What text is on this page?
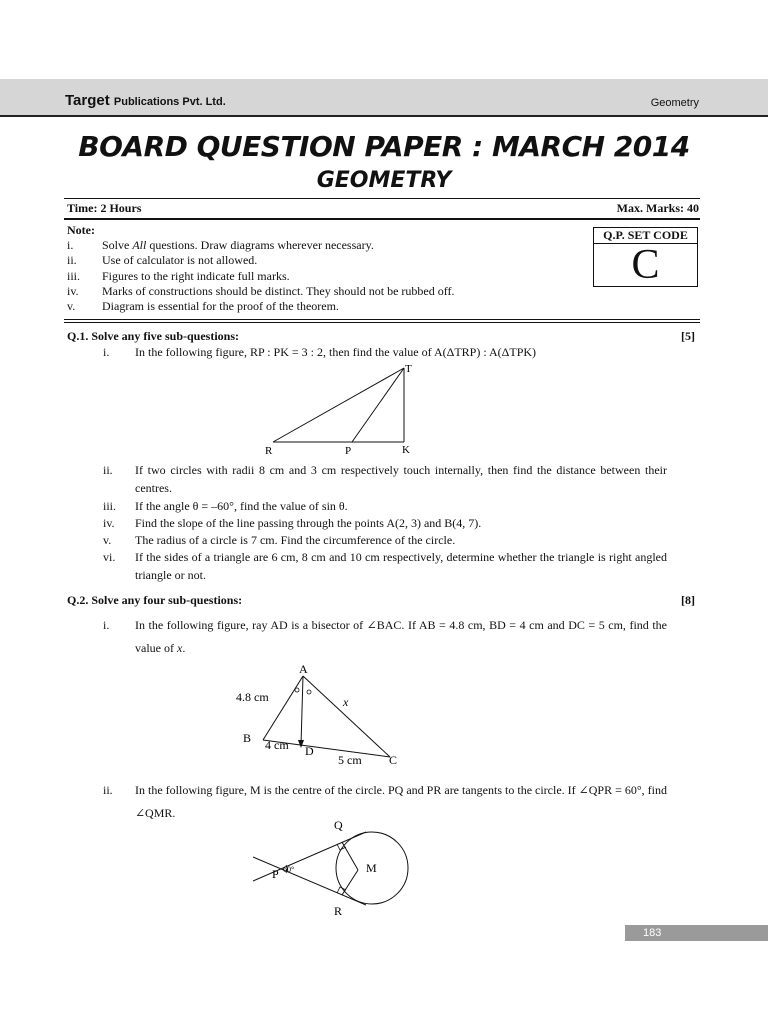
Target Publications Pvt. Ltd.	Geometry
BOARD QUESTION PAPER : MARCH 2014
GEOMETRY
Time: 2 Hours	Max. Marks: 40
Note:
i.	Solve All questions. Draw diagrams wherever necessary.
ii.	Use of calculator is not allowed.
iii.	Figures to the right indicate full marks.
iv.	Marks of constructions should be distinct. They should not be rubbed off.
v.	Diagram is essential for the proof of the theorem.
Q.P. SET CODE
C
Q.1. Solve any five sub-questions:	[5]
i.	In the following figure, RP : PK = 3 : 2, then find the value of A(ΔTRP) : A(ΔTPK)
T
R	P	K
ii.	If two circles with radii 8 cm and 3 cm respectively touch internally, then find the distance between their centres.
iii.	If the angle θ = –60°, find the value of sin θ.
iv.	Find the slope of the line passing through the points A(2, 3) and B(4, 7).
v.	The radius of a circle is 7 cm. Find the circumference of the circle.
vi.	If the sides of a triangle are 6 cm, 8 cm and 10 cm respectively, determine whether the triangle is right angled triangle or not.
Q.2. Solve any four sub-questions:	[8]
i.	In the following figure, ray AD is a bisector of ∠BAC. If AB = 4.8 cm, BD = 4 cm and DC = 5 cm, find the value of x.
A
B
C
D
4.8 cm	x
4 cm
5 cm
ii.	In the following figure, M is the centre of the circle. PQ and PR are tangents to the circle. If ∠QPR = 60°, find ∠QMR.
Q
R
P	M
60°
183
